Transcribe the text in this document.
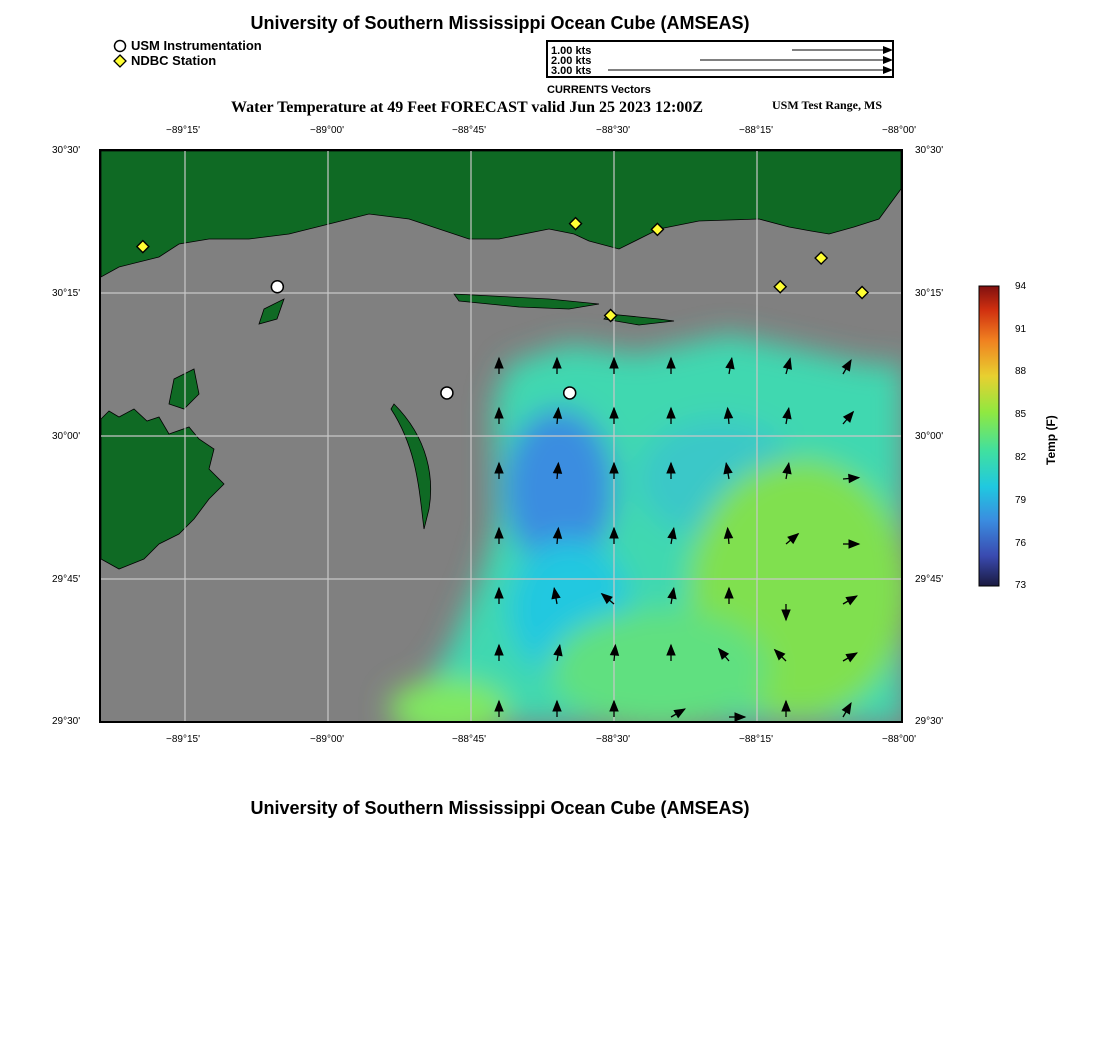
University of Southern Mississippi Ocean Cube (AMSEAS)
USM Instrumentation
NDBC Station
1.00 kts
2.00 kts
3.00 kts
CURRENTS Vectors
Water Temperature at 49 Feet FORECAST valid Jun 25 2023 12:00Z	USM Test Range, MS
−89°15'	−89°00'	−88°45'	−88°30'	−88°15'	−88°00'
−89°15'	−89°00'	−88°45'	−88°30'	−88°15'	−88°00'
30°30'
30°15'
30°00'
29°45'
29°30'
30°30'
30°15'
30°00'
29°45'
29°30'
94
91
88
85
82
79
76
73
Temp (F)
University of Southern Mississippi Ocean Cube (AMSEAS)
